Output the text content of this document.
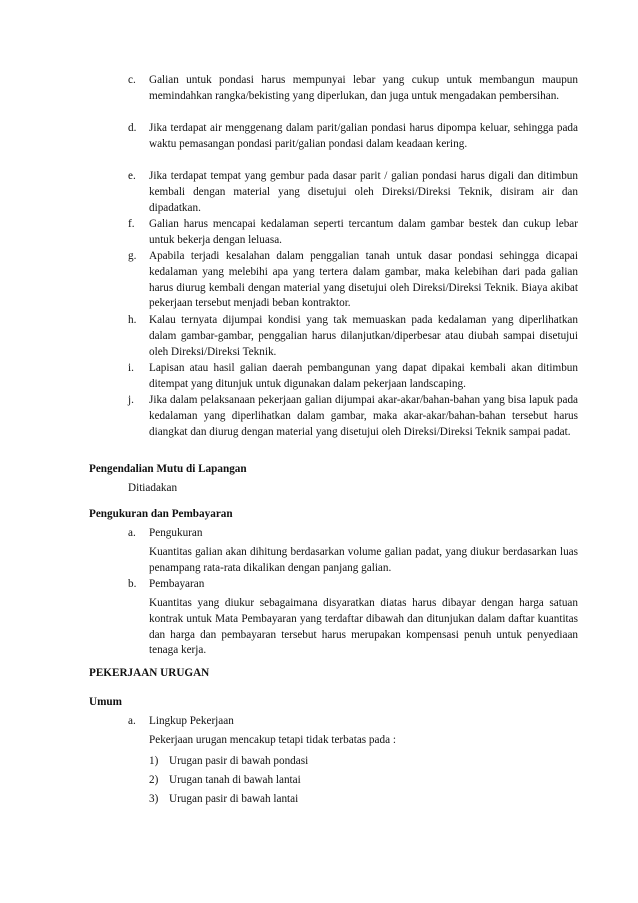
c. Galian untuk pondasi harus mempunyai lebar yang cukup untuk membangun maupun memindahkan rangka/bekisting yang diperlukan, dan juga untuk mengadakan pembersihan.
d. Jika terdapat air menggenang dalam parit/galian pondasi harus dipompa keluar, sehingga pada waktu pemasangan pondasi parit/galian pondasi dalam keadaan kering.
e. Jika terdapat tempat yang gembur pada dasar parit / galian pondasi harus digali dan ditimbun kembali dengan material yang disetujui oleh Direksi/Direksi Teknik, disiram air dan dipadatkan.
f. Galian harus mencapai kedalaman seperti tercantum dalam gambar bestek dan cukup lebar untuk bekerja dengan leluasa.
g. Apabila terjadi kesalahan dalam penggalian tanah untuk dasar pondasi sehingga dicapai kedalaman yang melebihi apa yang tertera dalam gambar, maka kelebihan dari pada galian harus diurug kembali dengan material yang disetujui oleh Direksi/Direksi Teknik. Biaya akibat pekerjaan tersebut menjadi beban kontraktor.
h. Kalau ternyata dijumpai kondisi yang tak memuaskan pada kedalaman yang diperlihatkan dalam gambar-gambar, penggalian harus dilanjutkan/diperbesar atau diubah sampai disetujui oleh Direksi/Direksi Teknik.
i. Lapisan atau hasil galian daerah pembangunan yang dapat dipakai kembali akan ditimbun ditempat yang ditunjuk untuk digunakan dalam pekerjaan landscaping.
j. Jika dalam pelaksanaan pekerjaan galian dijumpai akar-akar/bahan-bahan yang bisa lapuk pada kedalaman yang diperlihatkan dalam gambar, maka akar-akar/bahan-bahan tersebut harus diangkat dan diurug dengan material yang disetujui oleh Direksi/Direksi Teknik sampai padat.
Pengendalian Mutu di Lapangan
Ditiadakan
Pengukuran dan Pembayaran
a. Pengukuran
Kuantitas galian akan dihitung berdasarkan volume galian padat, yang diukur berdasarkan luas penampang rata-rata dikalikan dengan panjang galian.
b. Pembayaran
Kuantitas yang diukur sebagaimana disyaratkan diatas harus dibayar dengan harga satuan kontrak untuk Mata Pembayaran yang terdaftar dibawah dan ditunjukan dalam daftar kuantitas dan harga dan pembayaran tersebut harus merupakan kompensasi penuh untuk penyediaan tenaga kerja.
PEKERJAAN URUGAN
Umum
a. Lingkup Pekerjaan
Pekerjaan urugan mencakup tetapi tidak terbatas pada :
1) Urugan pasir di bawah pondasi
2) Urugan tanah di bawah lantai
3) Urugan pasir di bawah lantai
